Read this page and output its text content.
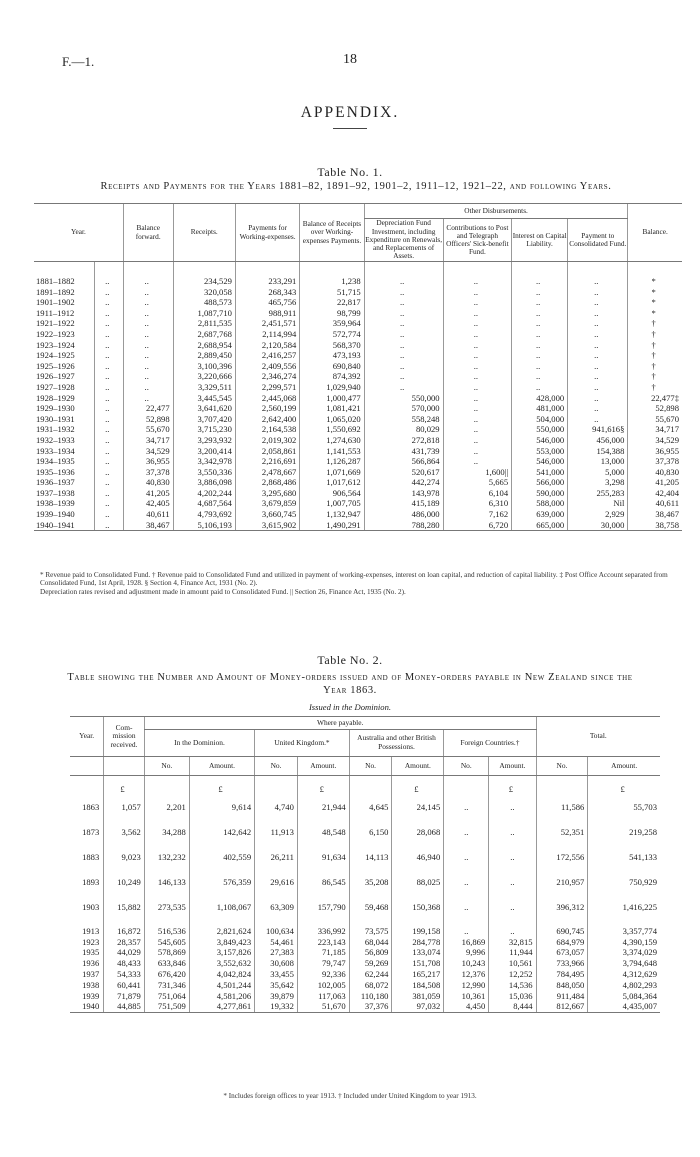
F.—1.	18
APPENDIX.
Table No. 1.
Receipts and Payments for the Years 1881–82, 1891–92, 1901–2, 1911–12, 1921–22, and following Years.
Year.		Balance forward.	Receipts.	Payments for Working-expenses.	Balance of Receipts over Working-expenses Payments.	Other Disbursements.				Balance.
						Depreciation Fund Investment, including Expenditure on Renewals, and Replacements of Assets.	Contributions to Post and Telegraph Officers' Sick-benefit Fund.	Interest on Capital Liability.	Payment to Consolidated Fund.	

1881–1882	..	..	234,529	233,291	1,238	..	..	..	..	*
1891–1892	..	..	320,058	268,343	51,715	..	..	..	..	*
1901–1902	..	..	488,573	465,756	22,817	..	..	..	..	*
1911–1912	..	..	1,087,710	988,911	98,799	..	..	..	..	*
1921–1922	..	..	2,811,535	2,451,571	359,964	..	..	..	..	†
1922–1923	..	..	2,687,768	2,114,994	572,774	..	..	..	..	†
1923–1924	..	..	2,688,954	2,120,584	568,370	..	..	..	..	†
1924–1925	..	..	2,889,450	2,416,257	473,193	..	..	..	..	†
1925–1926	..	..	3,100,396	2,409,556	690,840	..	..	..	..	†
1926–1927	..	..	3,220,666	2,346,274	874,392	..	..	..	..	†
1927–1928	..	..	3,329,511	2,299,571	1,029,940	..	..	..	..	†
1928–1929	..	..	3,445,545	2,445,068	1,000,477	550,000	..	428,000	..	22,477‡
1929–1930	..	22,477	3,641,620	2,560,199	1,081,421	570,000	..	481,000	..	52,898
1930–1931	..	52,898	3,707,420	2,642,400	1,065,020	558,248	..	504,000	..	55,670
1931–1932	..	55,670	3,715,230	2,164,538	1,550,692	80,029	..	550,000	941,616§	34,717
1932–1933	..	34,717	3,293,932	2,019,302	1,274,630	272,818	..	546,000	456,000	34,529
1933–1934	..	34,529	3,200,414	2,058,861	1,141,553	431,739	..	553,000	154,388	36,955
1934–1935	..	36,955	3,342,978	2,216,691	1,126,287	566,864	..	546,000	13,000	37,378
1935–1936	..	37,378	3,550,336	2,478,667	1,071,669	520,617	1,600||	541,000	5,000	40,830
1936–1937	..	40,830	3,886,098	2,868,486	1,017,612	442,274	5,665	566,000	3,298	41,205
1937–1938	..	41,205	4,202,244	3,295,680	906,564	143,978	6,104	590,000	255,283	42,404
1938–1939	..	42,405	4,687,564	3,679,859	1,007,705	415,189	6,310	588,000	Nil	40,611
1939–1940	..	40,611	4,793,692	3,660,745	1,132,947	486,000	7,162	639,000	2,929	38,467
1940–1941	..	38,467	5,106,193	3,615,902	1,490,291	788,280	6,720	665,000	30,000	38,758
* Revenue paid to Consolidated Fund. † Revenue paid to Consolidated Fund and utilized in payment of working-expenses, interest on loan capital, and reduction of capital liability. ‡ Post Office Account separated from Consolidated Fund, 1st April, 1928. § Section 4, Finance Act, 1931 (No. 2).
Depreciation rates revised and adjustment made in amount paid to Consolidated Fund. || Section 26, Finance Act, 1935 (No. 2).
Table No. 2.
Table showing the Number and Amount of Money-orders issued and of Money-orders payable in New Zealand since the Year 1863.
Issued in the Dominion.
Year.	Com-mission received.	Where payable.								Total.	
		In the Dominion.		United Kingdom.*		Australia and other British Possessions.		Foreign Countries.†			
		No.	Amount.	No.	Amount.	No.	Amount.	No.	Amount.	No.	Amount.
	£		£		£		£		£		£
1863	1,057	2,201	9,614	4,740	21,944	4,645	24,145	..	..	11,586	55,703
1873	3,562	34,288	142,642	11,913	48,548	6,150	28,068	..	..	52,351	219,258
1883	9,023	132,232	402,559	26,211	91,634	14,113	46,940	..	..	172,556	541,133
1893	10,249	146,133	576,359	29,616	86,545	35,208	88,025	..	..	210,957	750,929
1903	15,882	273,535	1,108,067	63,309	157,790	59,468	150,368	..	..	396,312	1,416,225

1913	16,872	516,536	2,821,624	100,634	336,992	73,575	199,158	..	..	690,745	3,357,774
1923	28,357	545,605	3,849,423	54,461	223,143	68,044	284,778	16,869	32,815	684,979	4,390,159
1935	44,029	578,869	3,157,826	27,383	71,185	56,809	133,074	9,996	11,944	673,057	3,374,029
1936	48,433	633,846	3,552,632	30,608	79,747	59,269	151,708	10,243	10,561	733,966	3,794,648
1937	54,333	676,420	4,042,824	33,455	92,336	62,244	165,217	12,376	12,252	784,495	4,312,629
1938	60,441	731,346	4,501,244	35,642	102,005	68,072	184,508	12,990	14,536	848,050	4,802,293
1939	71,879	751,064	4,581,206	39,879	117,063	110,180	381,059	10,361	15,036	911,484	5,084,364
1940	44,885	751,509	4,277,861	19,332	51,670	37,376	97,032	4,450	8,444	812,667	4,435,007
* Includes foreign offices to year 1913. † Included under United Kingdom to year 1913.
